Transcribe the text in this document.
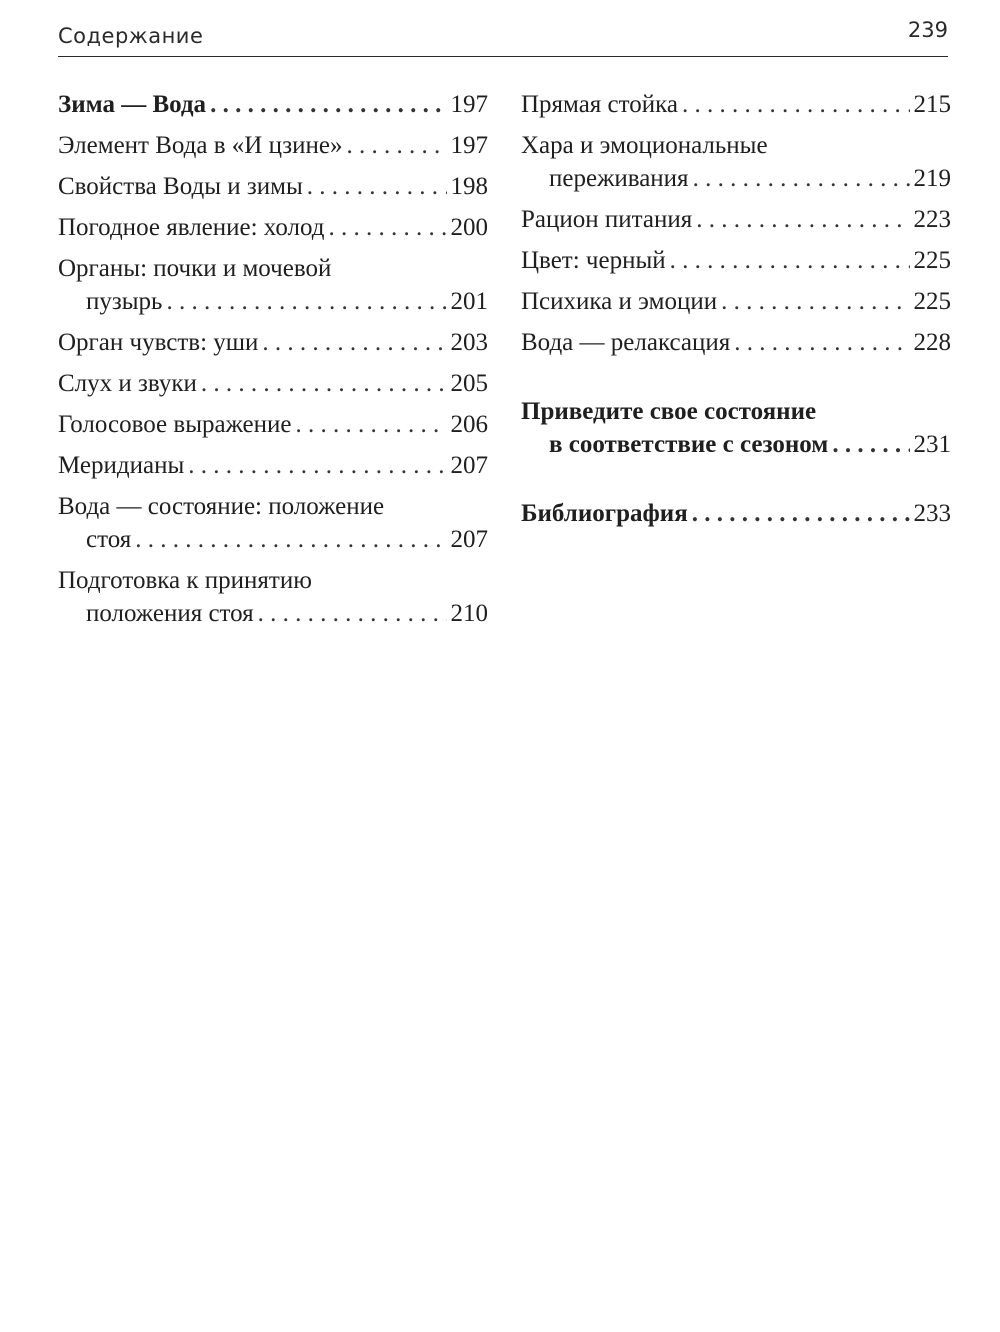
Содержание	239
Зима — Вода . . .	197
Элемент Вода в «И цзине» . . .	197
Свойства Воды и зимы . . .	198
Погодное явление: холод . . .	200
Органы: почки и мочевой
пузырь . . .	201
Орган чувств: уши . . .	203
Слух и звуки . . .	205
Голосовое выражение . . .	206
Меридианы . . .	207
Вода — состояние: положение
стоя . . .	207
Подготовка к принятию
положения стоя . . .	210
Прямая стойка . . .	215
Хара и эмоциональные
переживания . . .	219
Рацион питания . . .	223
Цвет: черный . . .	225
Психика и эмоции . . .	225
Вода — релаксация . . .	228
Приведите свое состояние
в соответствие с сезоном . . .	231
Библиография . . .	233
